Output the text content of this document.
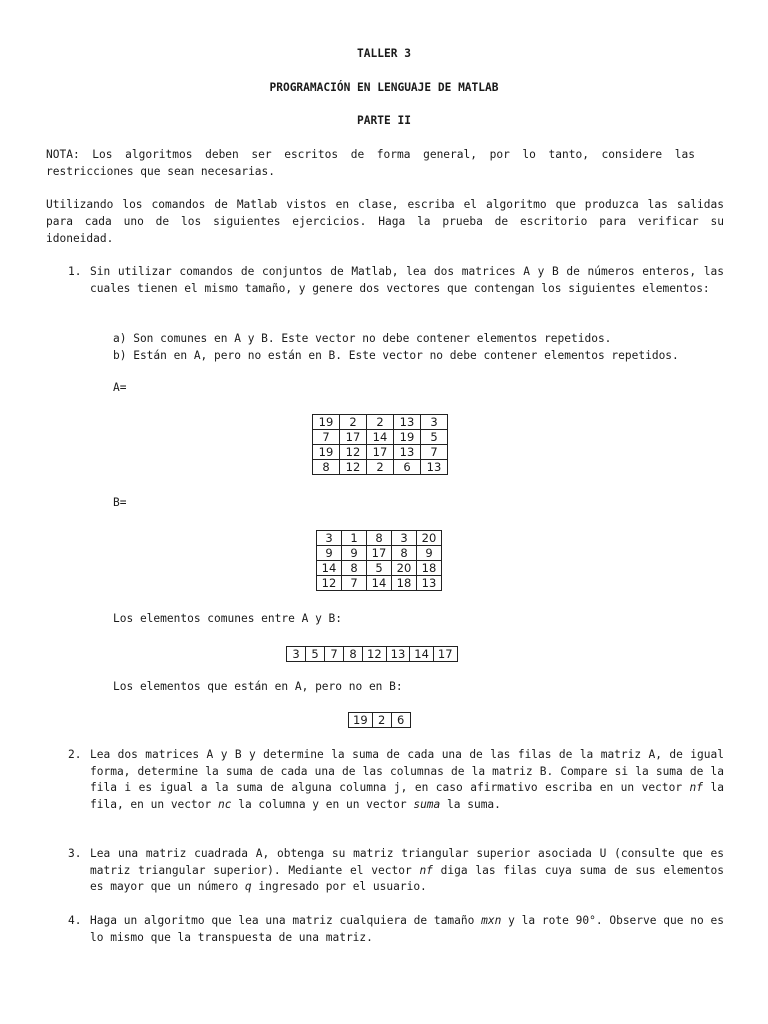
TALLER 3
PROGRAMACIÓN EN LENGUAJE DE MATLAB
PARTE II

NOTA: Los algoritmos deben ser escritos de forma general, por lo tanto, considere las restricciones que sean necesarias.

Utilizando los comandos de Matlab vistos en clase, escriba el algoritmo que produzca las salidas para cada uno de los siguientes ejercicios. Haga la prueba de escritorio para verificar su idoneidad.

1. Sin utilizar comandos de conjuntos de Matlab, lea dos matrices A y B de números enteros, las cuales tienen el mismo tamaño, y genere dos vectores que contengan los siguientes elementos:

a) Son comunes en A y B. Este vector no debe contener elementos repetidos.

b) Están en A, pero no están en B. Este vector no debe contener elementos repetidos.

A=

19	2	2	13	3
7	17	14	19	5
19	12	17	13	7
8	12	2	6	13

B=

3	1	8	3	20
9	9	17	8	9
14	8	5	20	18
12	7	14	18	13

Los elementos comunes entre A y B:

3	5	7	8	12	13	14	17

Los elementos que están en A, pero no en B:

19	2	6
2. Lea dos matrices A y B y determine la suma de cada una de las filas de la matriz A, de igual forma, determine la suma de cada una de las columnas de la matriz B. Compare si la suma de la fila i es igual a la suma de alguna columna j, en caso afirmativo escriba en un vector nf la fila, en un vector nc la columna y en un vector suma la suma.
3. Lea una matriz cuadrada A, obtenga su matriz triangular superior asociada U (consulte que es matriz triangular superior). Mediante el vector nf diga las filas cuya suma de sus elementos es mayor que un número q ingresado por el usuario.
4. Haga un algoritmo que lea una matriz cualquiera de tamaño mxn y la rote 90°. Observe que no es lo mismo que la transpuesta de una matriz.
